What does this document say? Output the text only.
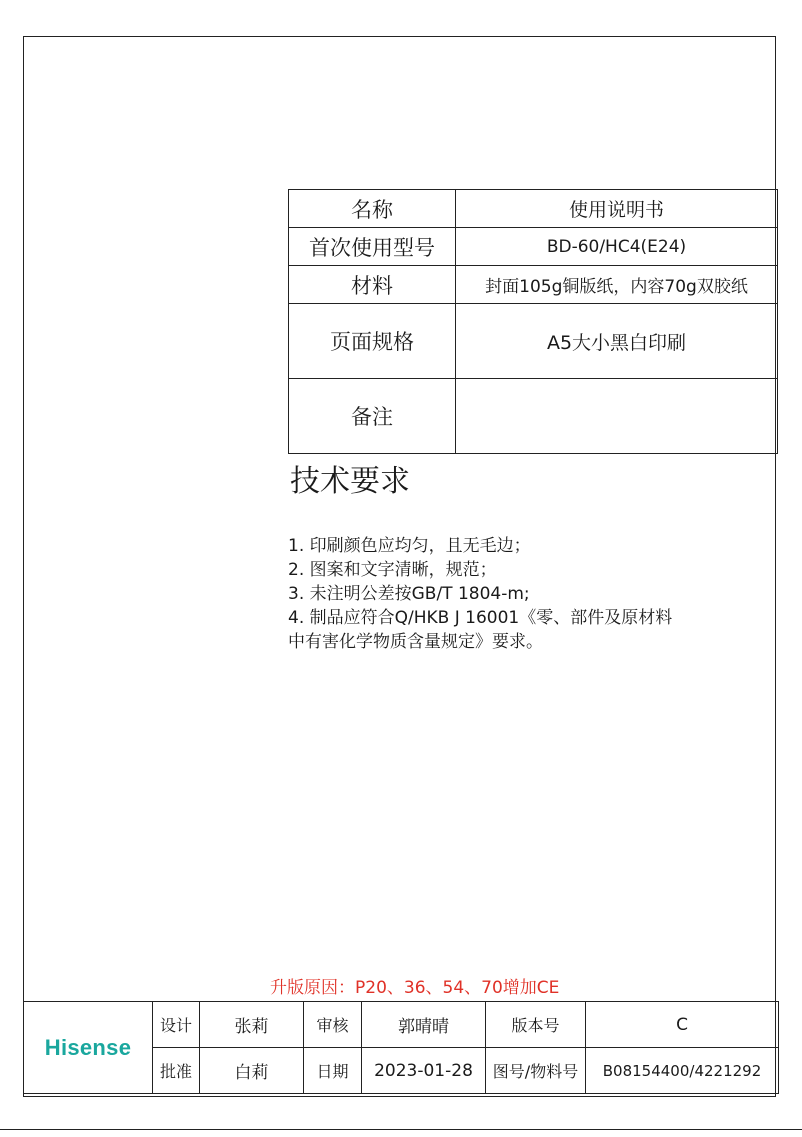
名称	使用说明书
首次使用型号	BD-60/HC4(E24)
材料	封面105g铜版纸，内容70g双胶纸
页面规格	A5大小黑白印刷
备注	
技术要求
1. 印刷颜色应均匀，且无毛边；
2. 图案和文字清晰，规范；
3. 未注明公差按GB/T 1804-m;
4. 制品应符合Q/HKB J 16001《零、部件及原材料
中有害化学物质含量规定》要求。
升版原因：P20、36、54、70增加CE
Hisense	设计	张莉	审核	郭晴晴	版本号	C
	批准	白莉	日期	2023-01-28	图号/物料号	B08154400/4221292
